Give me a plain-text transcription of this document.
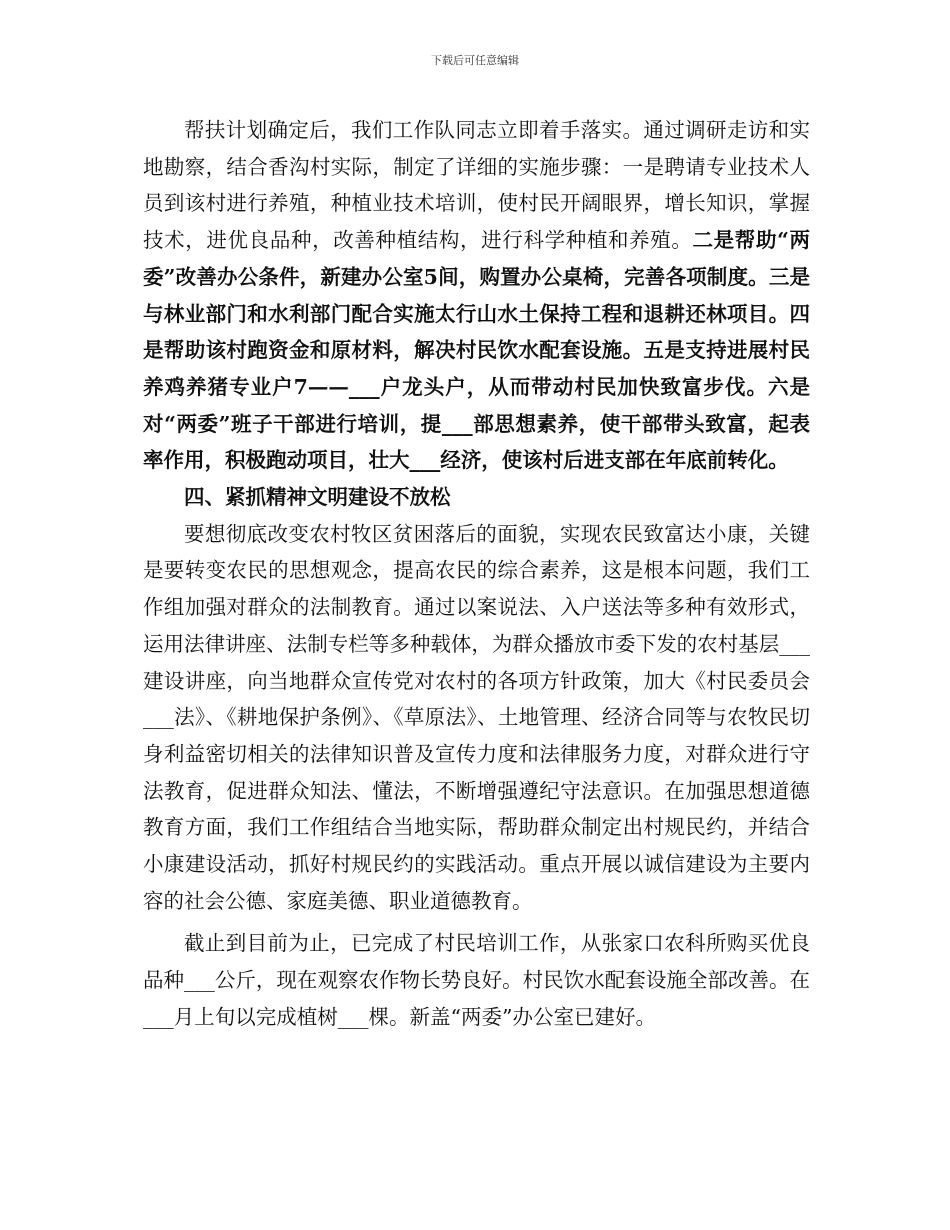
下载后可任意编辑

帮扶计划确定后，我们工作队同志立即着手落实。通过调研走访和实地勘察，结合香沟村实际，制定了详细的实施步骤：一是聘请专业技术人员到该村进行养殖，种植业技术培训，使村民开阔眼界，增长知识，掌握技术，进优良品种，改善种植结构，进行科学种植和养殖。二是帮助“两委”改善办公条件，新建办公室5间，购置办公桌椅，完善各项制度。三是与林业部门和水利部门配合实施太行山水土保持工程和退耕还林项目。四是帮助该村跑资金和原材料，解决村民饮水配套设施。五是支持进展村民养鸡养猪专业户7——___户龙头户，从而带动村民加快致富步伐。六是对“两委”班子干部进行培训，提___部思想素养，使干部带头致富，起表率作用，积极跑动项目，壮大___经济，使该村后进支部在年底前转化。

四、紧抓精神文明建设不放松

要想彻底改变农村牧区贫困落后的面貌，实现农民致富达小康，关键是要转变农民的思想观念，提高农民的综合素养，这是根本问题，我们工作组加强对群众的法制教育。通过以案说法、入户送法等多种有效形式，运用法律讲座、法制专栏等多种载体，为群众播放市委下发的农村基层___建设讲座，向当地群众宣传党对农村的各项方针政策，加大《村民委员会___法》、《耕地保护条例》、《草原法》、土地管理、经济合同等与农牧民切身利益密切相关的法律知识普及宣传力度和法律服务力度，对群众进行守法教育，促进群众知法、懂法，不断增强遵纪守法意识。在加强思想道德教育方面，我们工作组结合当地实际，帮助群众制定出村规民约，并结合小康建设活动，抓好村规民约的实践活动。重点开展以诚信建设为主要内容的社会公德、家庭美德、职业道德教育。

截止到目前为止，已完成了村民培训工作，从张家口农科所购买优良品种___公斤，现在观察农作物长势良好。村民饮水配套设施全部改善。在___月上旬以完成植树___棵。新盖“两委”办公室已建好。
